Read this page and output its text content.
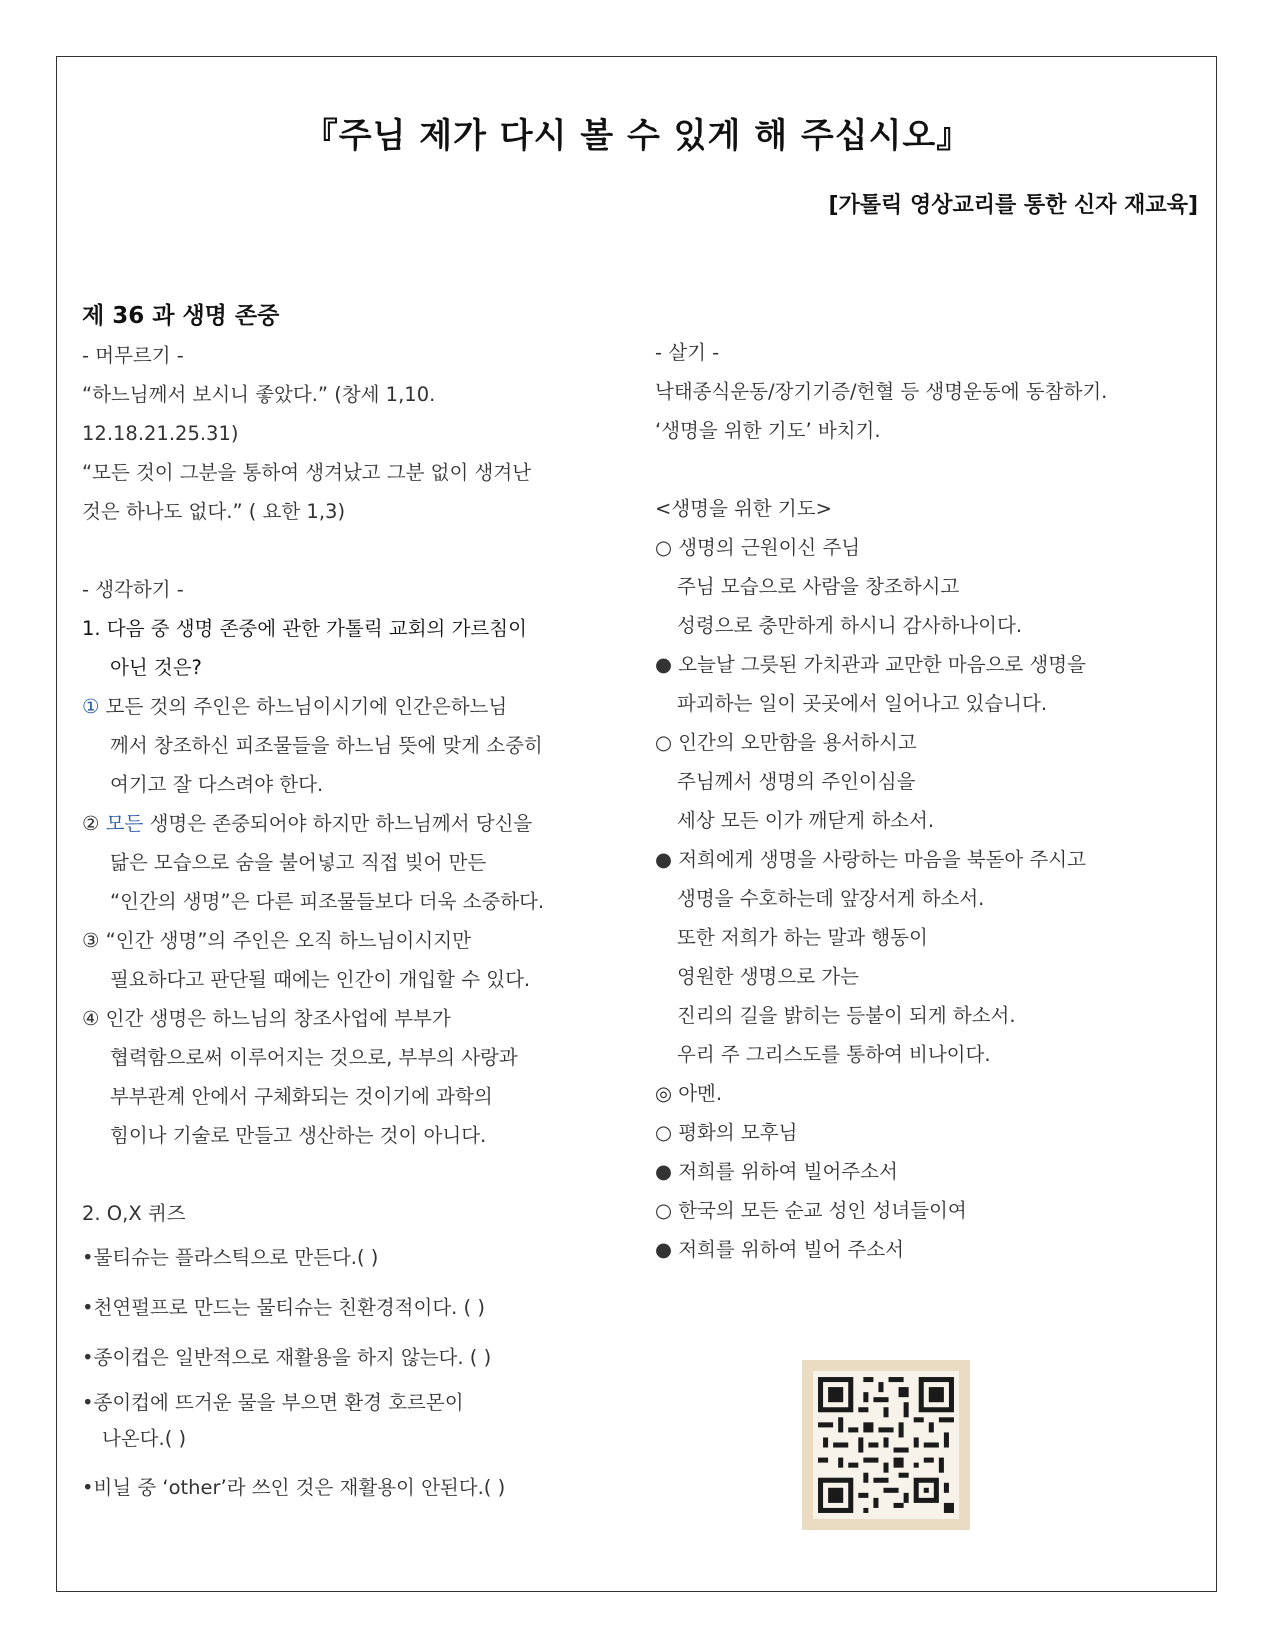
『주님 제가 다시 볼 수 있게 해 주십시오』
[가톨릭 영상교리를 통한 신자 재교육]
제 36 과 생명 존중
- 머무르기 -
“하느님께서 보시니 좋았다.” (창세 1,10.
12.18.21.25.31)
“모든 것이 그분을 통하여 생겨났고 그분 없이 생겨난
것은 하나도 없다.” ( 요한 1,3)
- 생각하기 -
1. 다음 중 생명 존중에 관한 가톨릭 교회의 가르침이
아닌 것은?
① 모든 것의 주인은 하느님이시기에 인간은하느님
께서 창조하신 피조물들을 하느님 뜻에 맞게 소중히
여기고 잘 다스려야 한다.
② 모든 생명은 존중되어야 하지만 하느님께서 당신을
닮은 모습으로 숨을 불어넣고 직접 빚어 만든
“인간의 생명”은 다른 피조물들보다 더욱 소중하다.
③ “인간 생명”의 주인은 오직 하느님이시지만
필요하다고 판단될 때에는 인간이 개입할 수 있다.
④ 인간 생명은 하느님의 창조사업에 부부가
협력함으로써 이루어지는 것으로, 부부의 사랑과
부부관계 안에서 구체화되는 것이기에 과학의
힘이나 기술로 만들고 생산하는 것이 아니다.
2. O,X 퀴즈
•물티슈는 플라스틱으로 만든다.( )
•천연펄프로 만드는 물티슈는 친환경적이다. ( )
•종이컵은 일반적으로 재활용을 하지 않는다. ( )
•종이컵에 뜨거운 물을 부으면 환경 호르몬이
나온다.( )
•비닐 중 ‘other’라 쓰인 것은 재활용이 안된다.( )
- 살기 -
낙태종식운동/장기기증/헌혈 등 생명운동에 동참하기.
‘생명을 위한 기도’ 바치기.
<생명을 위한 기도>
○ 생명의 근원이신 주님
주님 모습으로 사람을 창조하시고
성령으로 충만하게 하시니 감사하나이다.
● 오늘날 그릇된 가치관과 교만한 마음으로 생명을
파괴하는 일이 곳곳에서 일어나고 있습니다.
○ 인간의 오만함을 용서하시고
주님께서 생명의 주인이심을
세상 모든 이가 깨닫게 하소서.
● 저희에게 생명을 사랑하는 마음을 북돋아 주시고
생명을 수호하는데 앞장서게 하소서.
또한 저희가 하는 말과 행동이
영원한 생명으로 가는
진리의 길을 밝히는 등불이 되게 하소서.
우리 주 그리스도를 통하여 비나이다.
◎ 아멘.
○ 평화의 모후님
● 저희를 위하여 빌어주소서
○ 한국의 모든 순교 성인 성녀들이여
● 저희를 위하여 빌어 주소서
